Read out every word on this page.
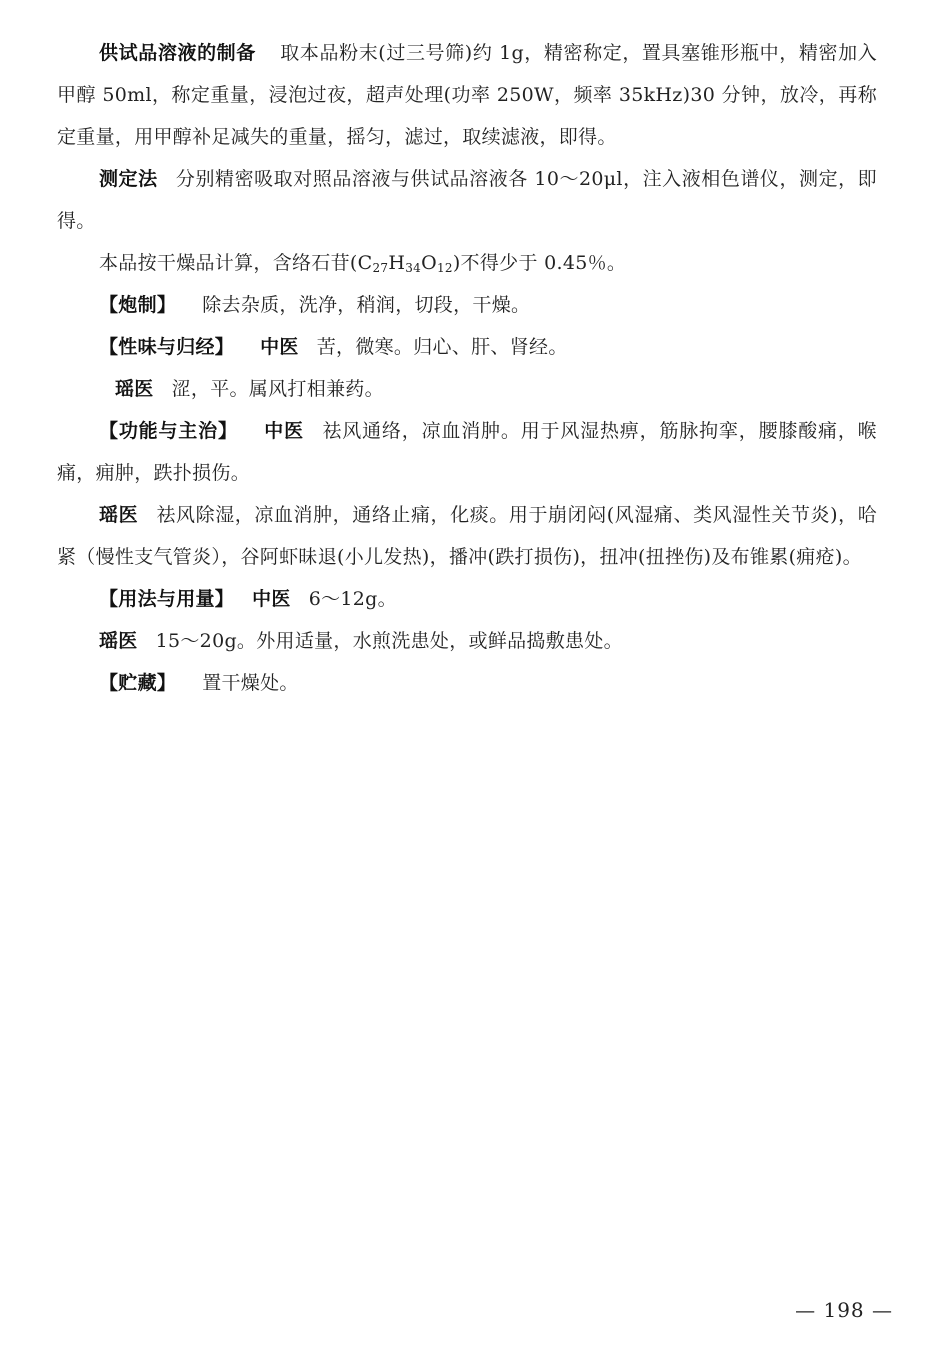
供试品溶液的制备 取本品粉末(过三号筛)约 1g，精密称定，置具塞锥形瓶中，精密加入甲醇 50ml，称定重量，浸泡过夜，超声处理(功率 250W，频率 35kHz)30 分钟，放冷，再称定重量，用甲醇补足减失的重量，摇匀，滤过，取续滤液，即得。

测定法 分别精密吸取对照品溶液与供试品溶液各 10～20μl，注入液相色谱仪，测定，即得。

本品按干燥品计算，含络石苷$(C_{27}H_{34}O_{12})$不得少于 0.45％。

【炮制】 除去杂质，洗净，稍润，切段，干燥。

【性味与归经】 中医 苦，微寒。归心、肝、肾经。

瑶医 涩，平。属风打相兼药。

【功能与主治】 中医 祛风通络，凉血消肿。用于风湿热痹，筋脉拘挛，腰膝酸痛，喉痛，痈肿，跌扑损伤。

瑶医 祛风除湿，凉血消肿，通络止痛，化痰。用于崩闭闷(风湿痛、类风湿性关节炎)，哈紧（慢性支气管炎），谷阿虾昧退(小儿发热)，播冲(跌打损伤)，扭冲(扭挫伤)及布锥累(痈疮)。

【用法与用量】 中医 6～12g。

瑶医 15～20g。外用适量，水煎洗患处，或鲜品捣敷患处。

【贮藏】 置干燥处。

— 198 —
